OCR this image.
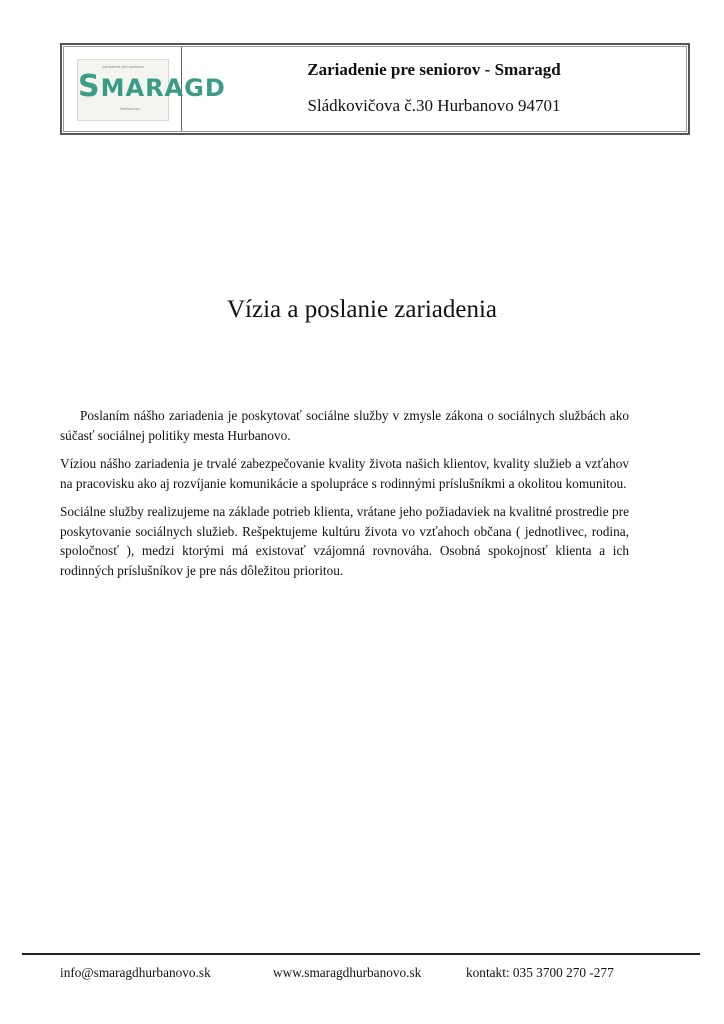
zariadenie pre seniorov
SMARAGD
Hurbanovo
Zariadenie pre seniorov - Smaragd
Sládkovičova č.30 Hurbanovo 94701
Vízia a poslanie zariadenia

Poslaním nášho zariadenia je poskytovať sociálne služby v zmysle zákona o sociálnych službách ako súčasť sociálnej politiky mesta Hurbanovo.

Víziou nášho zariadenia je trvalé zabezpečovanie kvality života našich klientov, kvality služieb a vzťahov na pracovisku ako aj rozvíjanie komunikácie a spolupráce s rodinnými príslušníkmi a okolitou komunitou.

Sociálne služby realizujeme na základe potrieb klienta, vrátane jeho požiadaviek na kvalitné prostredie pre poskytovanie sociálnych služieb. Rešpektujeme kultúru života vo vzťahoch občana ( jednotlivec, rodina, spoločnosť ), medzi ktorými má existovať vzájomná rovnováha. Osobná spokojnosť klienta a ich rodinných príslušníkov je pre nás dôležitou prioritou.

info@smaragdhurbanovo.sk	www.smaragdhurbanovo.sk	kontakt: 035 3700 270 -277
